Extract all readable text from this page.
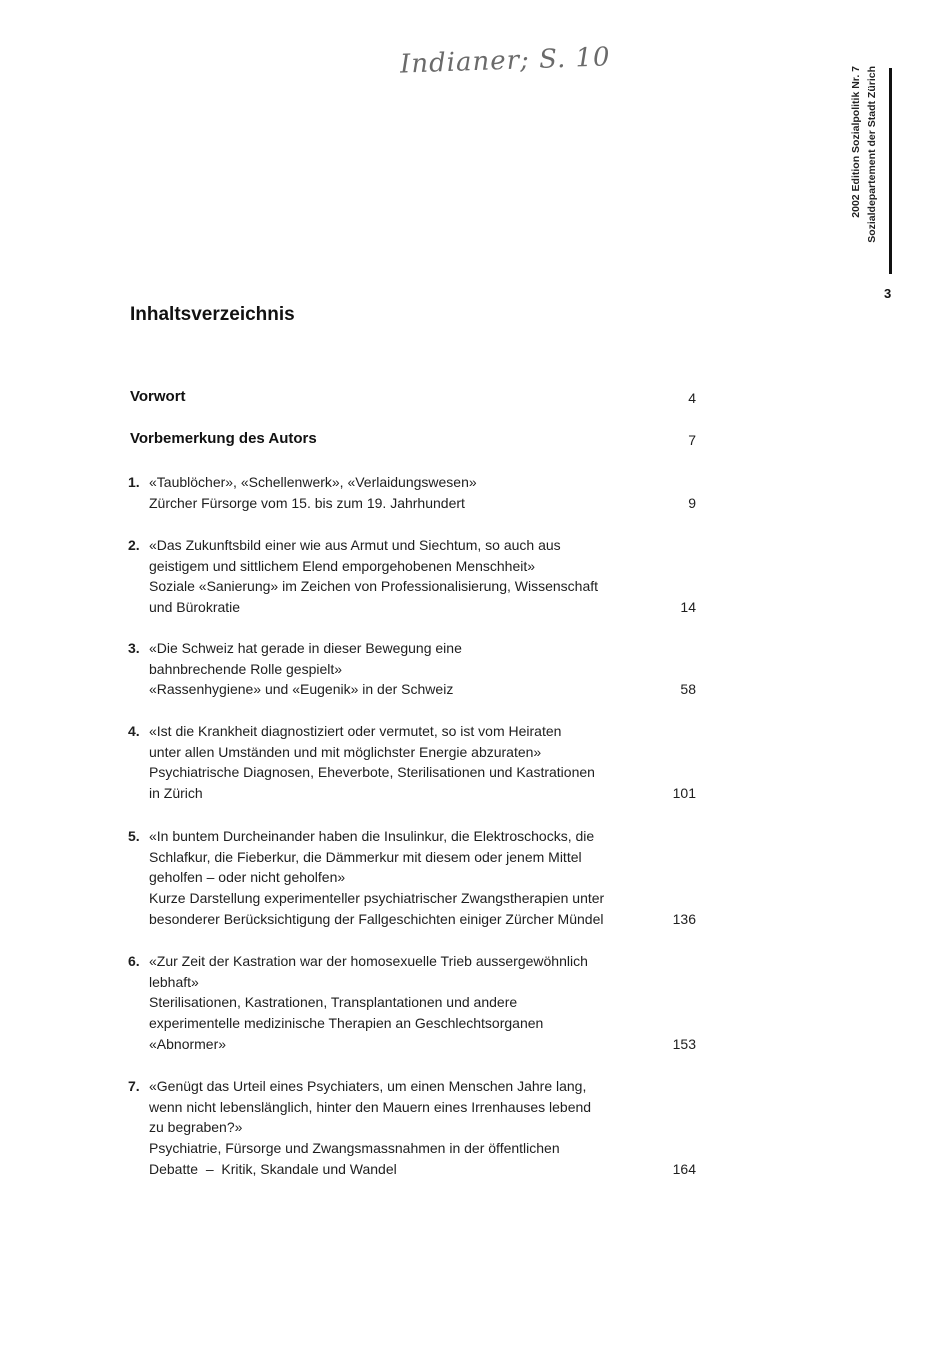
Indianer; S. 10
2002 Edition Sozialpolitik Nr. 7 Sozialdepartement der Stadt Zürich
3
Inhaltsverzeichnis
Vorwort	4
Vorbemerkung des Autors	7
1. «Taublöcher», «Schellenwerk», «Verlaidungswesen»
Zürcher Fürsorge vom 15. bis zum 19. Jahrhundert	9
2. «Das Zukunftsbild einer wie aus Armut und Siechtum, so auch aus
geistigem und sittlichem Elend emporgehobenen Menschheit»
Soziale «Sanierung» im Zeichen von Professionalisierung, Wissenschaft
und Bürokratie	14
3. «Die Schweiz hat gerade in dieser Bewegung eine
bahnbrechende Rolle gespielt»
«Rassenhygiene» und «Eugenik» in der Schweiz	58
4. «Ist die Krankheit diagnostiziert oder vermutet, so ist vom Heiraten
unter allen Umständen und mit möglichster Energie abzuraten»
Psychiatrische Diagnosen, Eheverbote, Sterilisationen und Kastrationen
in Zürich	101
5. «In buntem Durcheinander haben die Insulinkur, die Elektroschocks, die
Schlafkur, die Fieberkur, die Dämmerkur mit diesem oder jenem Mittel
geholfen – oder nicht geholfen»
Kurze Darstellung experimenteller psychiatrischer Zwangstherapien unter
besonderer Berücksichtigung der Fallgeschichten einiger Zürcher Mündel	136
6. «Zur Zeit der Kastration war der homosexuelle Trieb aussergewöhnlich
lebhaft»
Sterilisationen, Kastrationen, Transplantationen und andere
experimentelle medizinische Therapien an Geschlechtsorganen
«Abnormer»	153
7. «Genügt das Urteil eines Psychiaters, um einen Menschen Jahre lang,
wenn nicht lebenslänglich, hinter den Mauern eines Irrenhauses lebend
zu begraben?»
Psychiatrie, Fürsorge und Zwangsmassnahmen in der öffentlichen
Debatte  –  Kritik, Skandale und Wandel	164
